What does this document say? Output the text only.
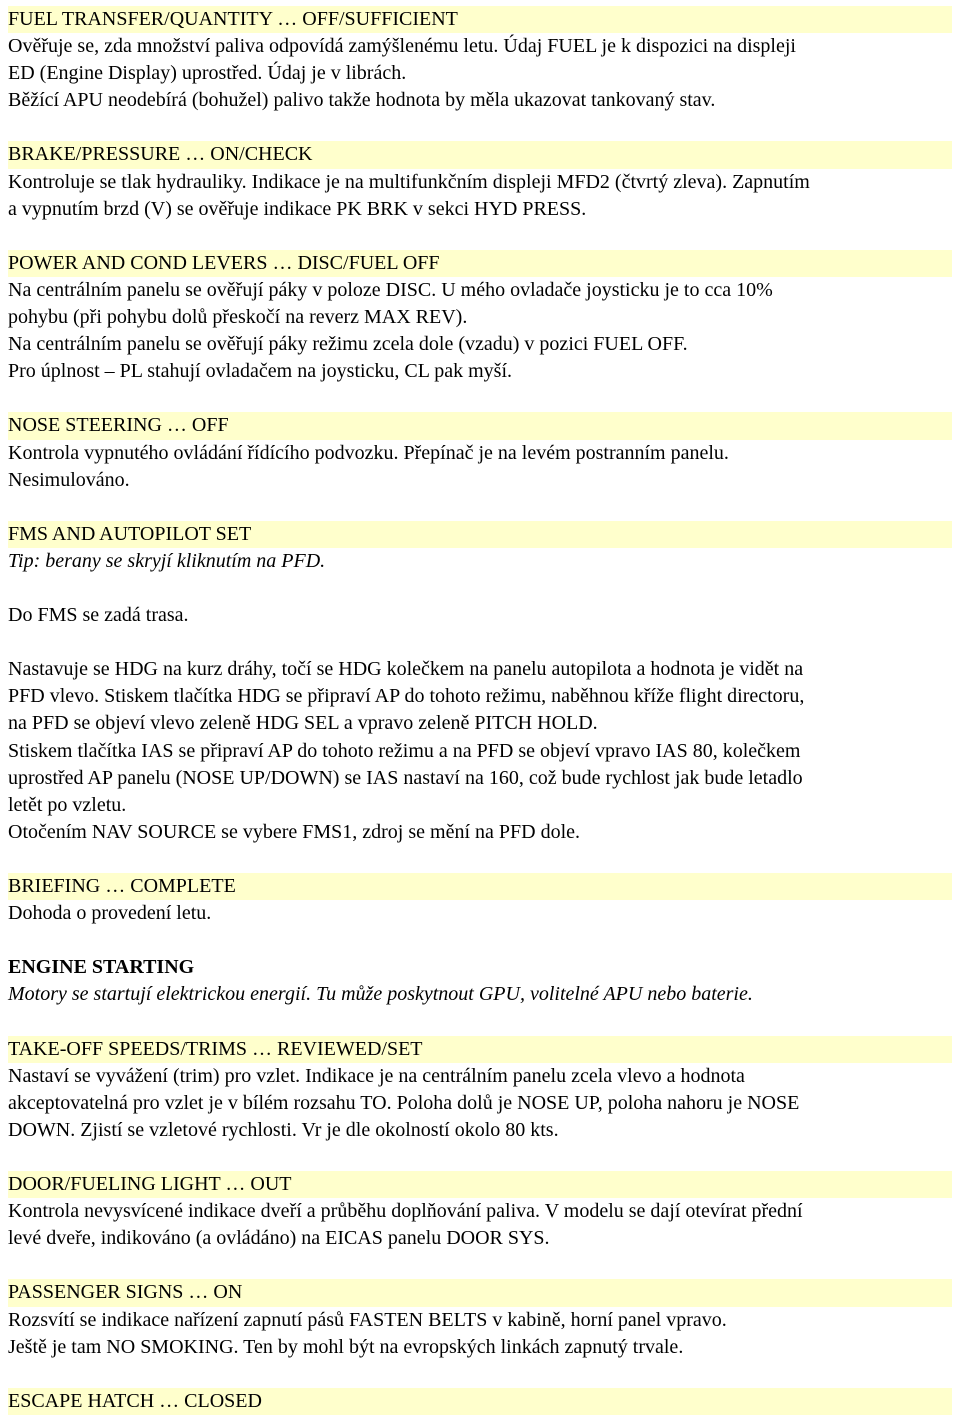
FUEL TRANSFER/QUANTITY … OFF/SUFFICIENT
Ověřuje se, zda množství paliva odpovídá zamýšlenému letu. Údaj FUEL je k dispozici na displeji
ED (Engine Display) uprostřed. Údaj je v librách.
Běžící APU neodebírá (bohužel) palivo takže hodnota by měla ukazovat tankovaný stav.
BRAKE/PRESSURE … ON/CHECK
Kontroluje se tlak hydrauliky. Indikace je na multifunkčním displeji MFD2 (čtvrtý zleva). Zapnutím
a vypnutím brzd (V) se ověřuje indikace PK BRK v sekci HYD PRESS.
POWER AND COND LEVERS … DISC/FUEL OFF
Na centrálním panelu se ověřují páky v poloze DISC. U mého ovladače joysticku je to cca 10%
pohybu (při pohybu dolů přeskočí na reverz MAX REV).
Na centrálním panelu se ověřují páky režimu zcela dole (vzadu) v pozici FUEL OFF.
Pro úplnost – PL stahují ovladačem na joysticku, CL pak myší.
NOSE STEERING … OFF
Kontrola vypnutého ovládání řídícího podvozku. Přepínač je na levém postranním panelu.
Nesimulováno.
FMS AND AUTOPILOT SET
Tip: berany se skryjí kliknutím na PFD.
Do FMS se zadá trasa.
Nastavuje se HDG na kurz dráhy, točí se HDG kolečkem na panelu autopilota a hodnota je vidět na
PFD vlevo. Stiskem tlačítka HDG se připraví AP do tohoto režimu, naběhnou kříže flight directoru,
na PFD se objeví vlevo zeleně HDG SEL a vpravo zeleně PITCH HOLD.
Stiskem tlačítka IAS se připraví AP do tohoto režimu a na PFD se objeví vpravo IAS 80, kolečkem
uprostřed AP panelu (NOSE UP/DOWN) se IAS nastaví na 160, což bude rychlost jak bude letadlo
letět po vzletu.
Otočením NAV SOURCE se vybere FMS1, zdroj se mění na PFD dole.
BRIEFING … COMPLETE
Dohoda o provedení letu.
ENGINE STARTING
Motory se startují elektrickou energií. Tu může poskytnout GPU, volitelné APU nebo baterie.
TAKE-OFF SPEEDS/TRIMS … REVIEWED/SET
Nastaví se vyvážení (trim) pro vzlet. Indikace je na centrálním panelu zcela vlevo a hodnota
akceptovatelná pro vzlet je v bílém rozsahu TO. Poloha dolů je NOSE UP, poloha nahoru je NOSE
DOWN. Zjistí se vzletové rychlosti. Vr je dle okolností okolo 80 kts.
DOOR/FUELING LIGHT … OUT
Kontrola nevysvícené indikace dveří a průběhu doplňování paliva. V modelu se dají otevírat přední
levé dveře, indikováno (a ovládáno) na EICAS panelu DOOR SYS.
PASSENGER SIGNS … ON
Rozsvítí se indikace nařízení zapnutí pásů FASTEN BELTS v kabině, horní panel vpravo.
Ještě je tam NO SMOKING. Ten by mohl být na evropských linkách zapnutý trvale.
ESCAPE HATCH … CLOSED
